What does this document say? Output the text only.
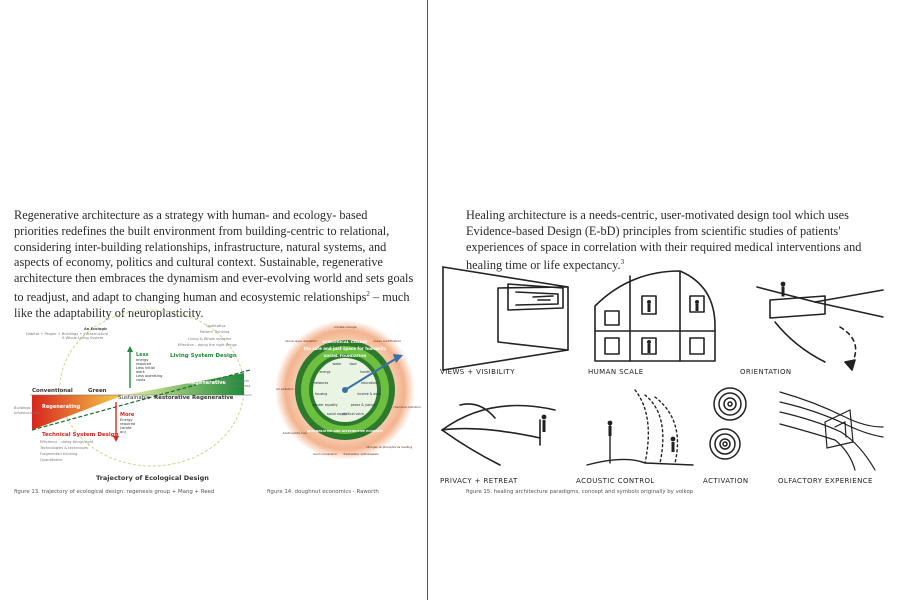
Regenerative architecture as a strategy with human- and ecology- based priorities redefines the built environment from building-centric to relational, considering inter-building relationships, infrastructure, natural systems, and aspects of economy, politics and cultural context. Sustainable, regenerative architecture then embraces the dynamism and ever-evolving world and sets goals to readjust, and adapt to changing human and ecosystemic relationships$^2$ – much like the adaptability of neuroplasticity.

Conventional	Green
Sustainable Restorative Regenerative
Living System Design
Technical System Design
Regenerating
Regenerative
Less
energy
required
Less initial
work
Less operating
costs
More
Energy
required
(wrote
on)
An Ecologic
Habitat + People + Buildings + Infrastructure
A Whole Living System
Qualitative
Pattern Thinking
Living & Whole systems
Effective – doing the right things
Efficiency – doing things right
Technologies & techniques
Fragmented thinking
Quantitative
Buildings
Infrastructure
Living System
Consciousness
Trajectory of Ecological Design
figure 13. trajectory of ecological design: regenesis group + Mang + Reed
ECOLOGICAL CEILING
the safe and just space for humanity
SOCIAL FOUNDATION
REGENERATIVE AND DISTRIBUTIVE ECONOMY
water food
health
education
income & work
peace & justice
political voice
social equity
gender equality
housing
networks
energy
climate change
ocean acidification
chemical pollution
nitrogen & phosphorus loading
freshwater withdrawals
land conversion
biodiversity loss
air pollution
ozone layer depletion
figure 14. doughnut economics - Raworth

Healing architecture is a needs-centric, user-motivated design tool which uses Evidence-based Design (E-bD) principles from scientific studies of patients' experiences of space in correlation with their required medical interventions and healing time or life expectancy.$^3$

VIEWS + VISIBILITY	HUMAN SCALE	ORIENTATION
PRIVACY + RETREAT	ACOUSTIC CONTROL	ACTIVATION	OLFACTORY EXPERIENCE
figure 15. healing architecture paradigms, concept and symbols originally by volkop
